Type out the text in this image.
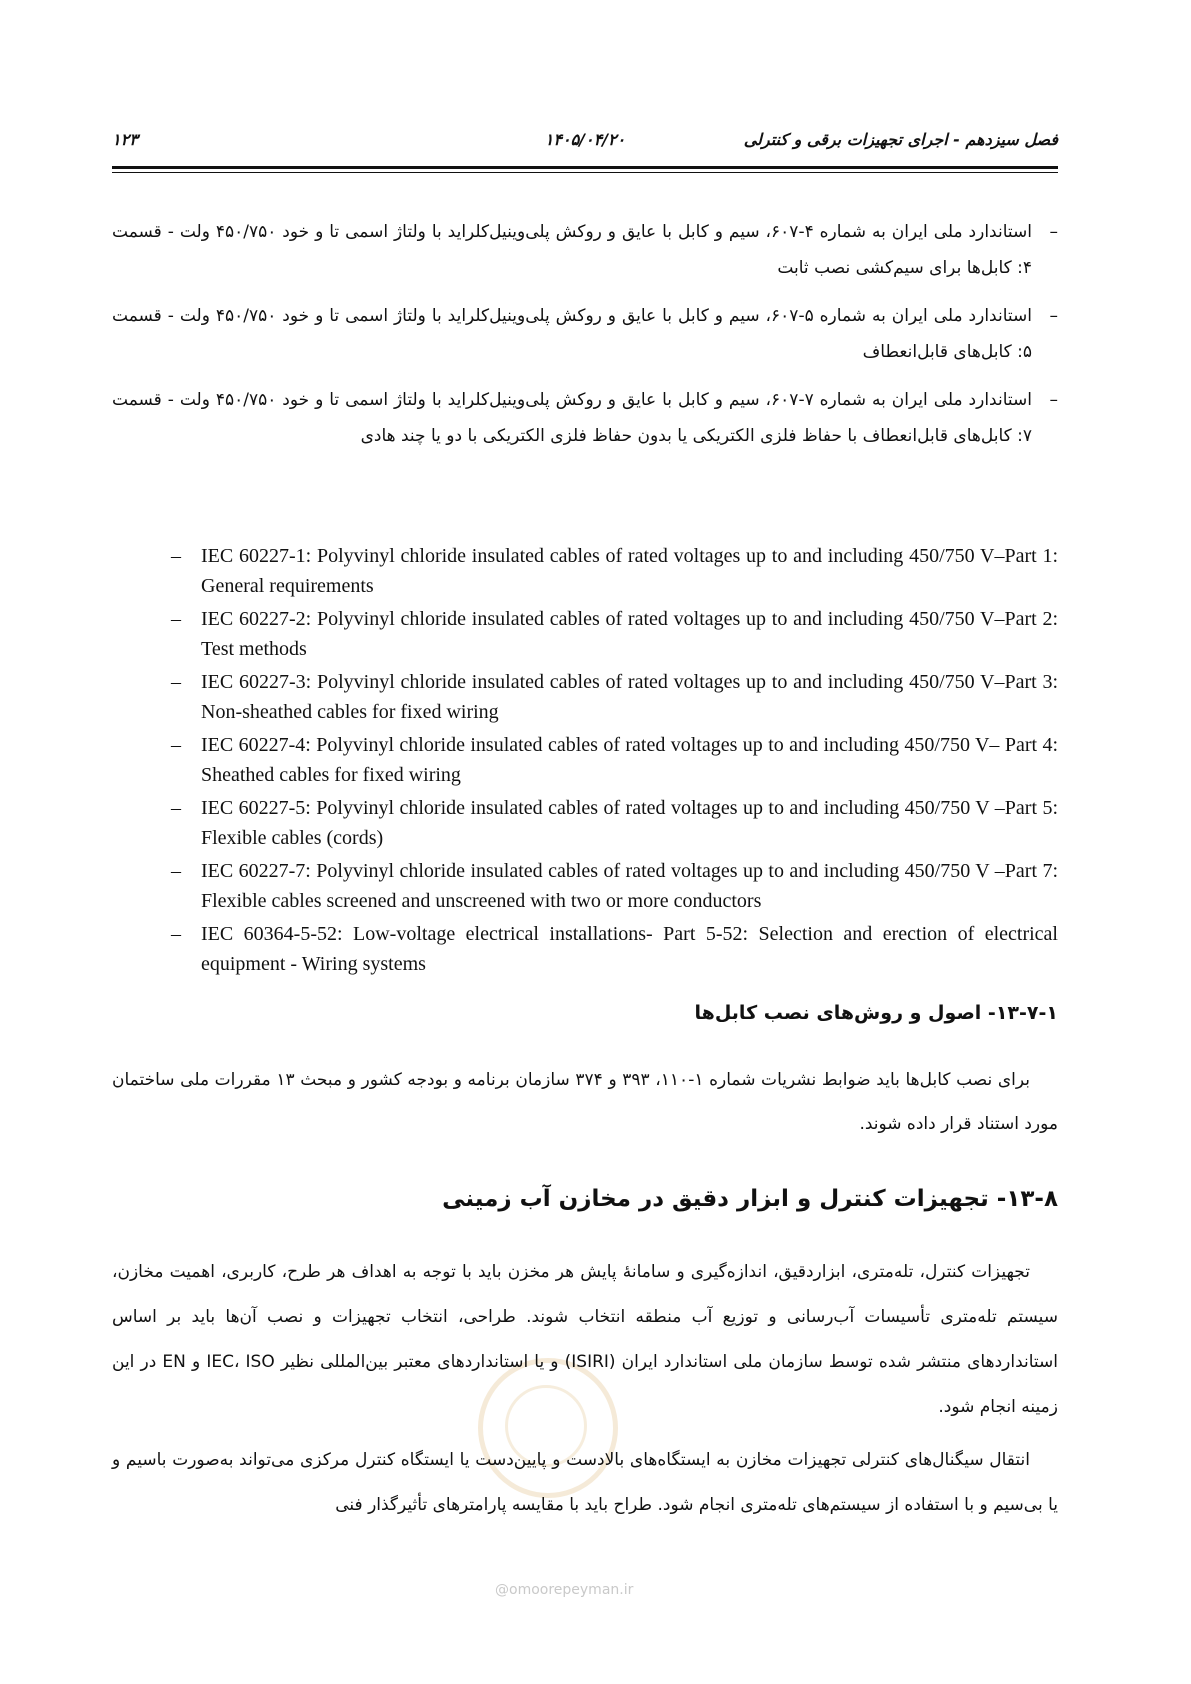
فصل سیزدهم - اجرای تجهیزات برقی و کنترلی
۱۴۰۵/۰۴/۲۰
۱۲۳
–
استاندارد ملی ایران به شماره ۴-۶۰۷، سیم و کابل با عایق و روکش پلی‌وینیل‌کلراید با ولتاژ اسمی تا و خود ۴۵۰/۷۵۰ ولت - قسمت ۴: کابل‌ها برای سیم‌کشی نصب ثابت
–
استاندارد ملی ایران به شماره ۵-۶۰۷، سیم و کابل با عایق و روکش پلی‌وینیل‌کلراید با ولتاژ اسمی تا و خود ۴۵۰/۷۵۰ ولت - قسمت ۵: کابل‌های قابل‌انعطاف
–
استاندارد ملی ایران به شماره ۷-۶۰۷، سیم و کابل با عایق و روکش پلی‌وینیل‌کلراید با ولتاژ اسمی تا و خود ۴۵۰/۷۵۰ ولت - قسمت ۷: کابل‌های قابل‌انعطاف با حفاظ فلزی الکتریکی یا بدون حفاظ فلزی الکتریکی با دو یا چند هادی
– IEC 60227-1: Polyvinyl chloride insulated cables of rated voltages up to and including 450/750 V–Part 1: General requirements
– IEC 60227-2: Polyvinyl chloride insulated cables of rated voltages up to and including 450/750 V–Part 2: Test methods
– IEC 60227-3: Polyvinyl chloride insulated cables of rated voltages up to and including 450/750 V–Part 3: Non-sheathed cables for fixed wiring
– IEC 60227-4: Polyvinyl chloride insulated cables of rated voltages up to and including 450/750 V– Part 4: Sheathed cables for fixed wiring
– IEC 60227-5: Polyvinyl chloride insulated cables of rated voltages up to and including 450/750 V –Part 5: Flexible cables (cords)
– IEC 60227-7: Polyvinyl chloride insulated cables of rated voltages up to and including 450/750 V –Part 7: Flexible cables screened and unscreened with two or more conductors
– IEC 60364-5-52: Low-voltage electrical installations- Part 5-52: Selection and erection of electrical equipment - Wiring systems
۱۳-۷-۱- اصول و روش‌های نصب کابل‌ها

برای نصب کابل‌ها باید ضوابط نشریات شماره ۱-۱۱۰، ۳۹۳ و ۳۷۴ سازمان برنامه و بودجه کشور و مبحث ۱۳ مقررات ملی ساختمان مورد استناد قرار داده شوند.

۱۳-۸- تجهیزات کنترل و ابزار دقیق در مخازن آب زمینی

تجهیزات کنترل، تله‌متری، ابزاردقیق، اندازه‌گیری و سامانهٔ پایش هر مخزن باید با توجه به اهداف هر طرح، کاربری، اهمیت مخازن، سیستم تله‌متری تأسیسات آب‌رسانی و توزیع آب منطقه انتخاب شوند. طراحی، انتخاب تجهیزات و نصب آن‌ها باید بر اساس استانداردهای منتشر شده توسط سازمان ملی استاندارد ایران (ISIRI) و یا استانداردهای معتبر بین‌المللی نظیر IEC، ISO و EN در این زمینه انجام شود.

انتقال سیگنال‌های کنترلی تجهیزات مخازن به ایستگاه‌های بالادست و پایین‌دست یا ایستگاه کنترل مرکزی می‌تواند به‌صورت باسیم و یا بی‌سیم و با استفاده از سیستم‌های تله‌متری انجام شود. طراح باید با مقایسه پارامترهای تأثیرگذار فنی

@omoorepeyman.ir
